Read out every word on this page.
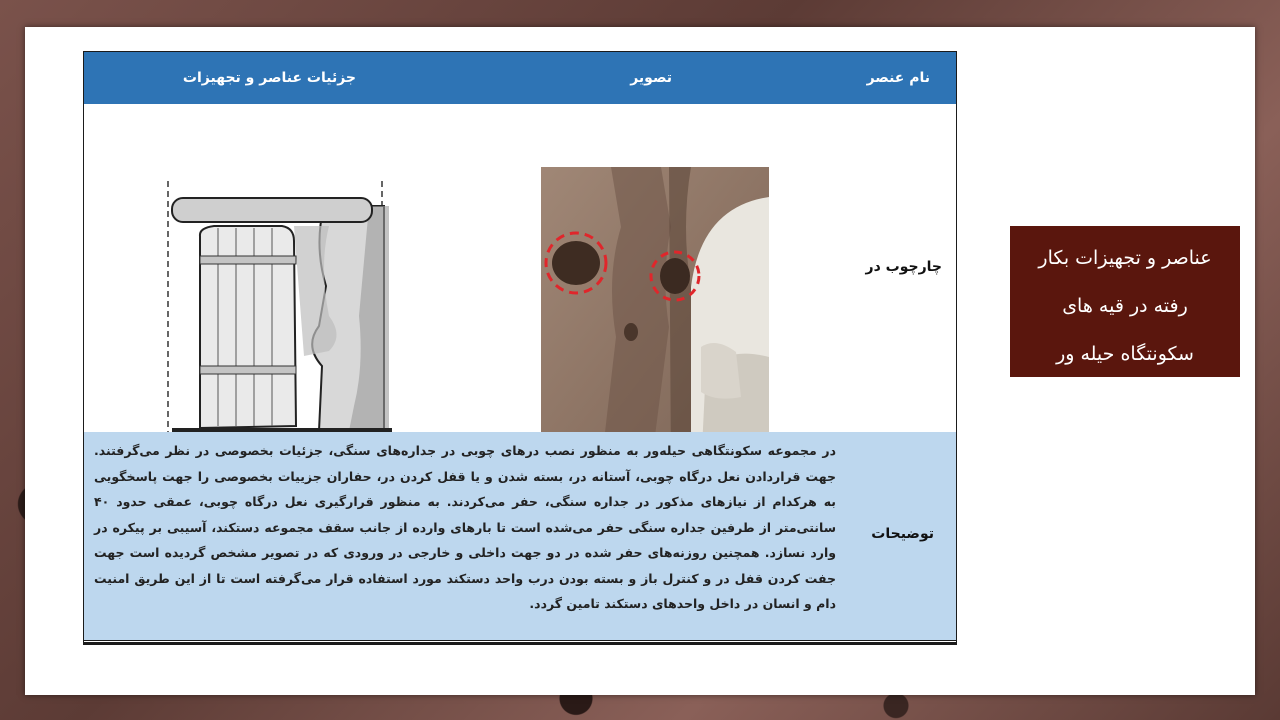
نام عنصر
تصویر
جزئیات عناصر و تجهیزات
چارچوب در
توضیحات
در مجموعه سکونتگاهی حیله‌ور به منظور نصب درهای چوبی در جداره‌های سنگی، جزئیات بخصوصی در نظر می‌گرفتند. جهت قراردادن نعل درگاه چوبی، آستانه در، بسته شدن و یا قفل کردن در، حفاران جزییات بخصوصی را جهت پاسخگویی به هرکدام از نیازهای مذکور در جداره سنگی، حفر می‌کردند. به منظور قرارگیری نعل درگاه چوبی، عمقی حدود ۴۰ سانتی‌متر از طرفین جداره سنگی حفر می‌شده است تا بارهای وارده از جانب سقف مجموعه دستکند، آسیبی بر پیکره در وارد نسازد. همچنین روزنه‌های حفر شده در دو جهت داخلی و خارجی در ورودی که در تصویر مشخص گردیده است جهت جفت کردن قفل در و کنترل باز و بسته بودن درب واحد دستکند مورد استفاده قرار می‌گرفته است تا از این طریق امنیت دام و انسان در داخل واحدهای دستکند تامین گردد.
عناصر و تجهیزات بکار
رفته در قیه های
سکونتگاه حیله ور
